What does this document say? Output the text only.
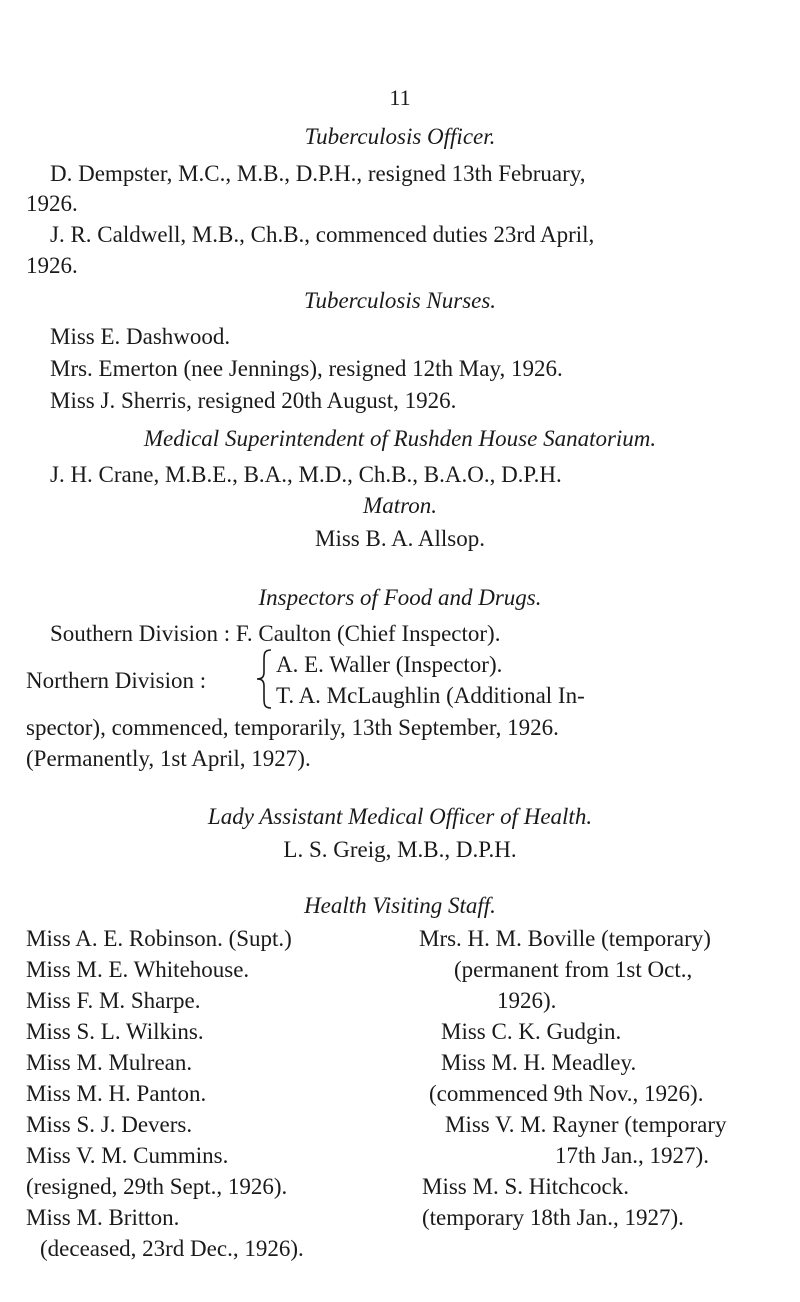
11
Tuberculosis Officer.
D. Dempster, M.C., M.B., D.P.H., resigned 13th February,
1926.
J. R. Caldwell, M.B., Ch.B., commenced duties 23rd April,
1926.
Tuberculosis Nurses.
Miss E. Dashwood.
Mrs. Emerton (nee Jennings), resigned 12th May, 1926.
Miss J. Sherris, resigned 20th August, 1926.
Medical Superintendent of Rushden House Sanatorium.
J. H. Crane, M.B.E., B.A., M.D., Ch.B., B.A.O., D.P.H.
Matron.
Miss B. A. Allsop.
Inspectors of Food and Drugs.
Southern Division : F. Caulton (Chief Inspector).
Northern Division :
A. E. Waller (Inspector).
T. A. McLaughlin (Additional In-
spector), commenced, temporarily, 13th September, 1926.
(Permanently, 1st April, 1927).
Lady Assistant Medical Officer of Health.
L. S. Greig, M.B., D.P.H.
Health Visiting Staff.
Miss A. E. Robinson. (Supt.)
Miss M. E. Whitehouse.
Miss F. M. Sharpe.
Miss S. L. Wilkins.
Miss M. Mulrean.
Miss M. H. Panton.
Miss S. J. Devers.
Miss V. M. Cummins.
(resigned, 29th Sept., 1926).
Miss M. Britton.
(deceased, 23rd Dec., 1926).
Mrs. H. M. Boville (temporary)
(permanent from 1st Oct.,
1926).
Miss C. K. Gudgin.
Miss M. H. Meadley.
(commenced 9th Nov., 1926).
Miss V. M. Rayner (temporary
17th Jan., 1927).
Miss M. S. Hitchcock.
(temporary 18th Jan., 1927).
